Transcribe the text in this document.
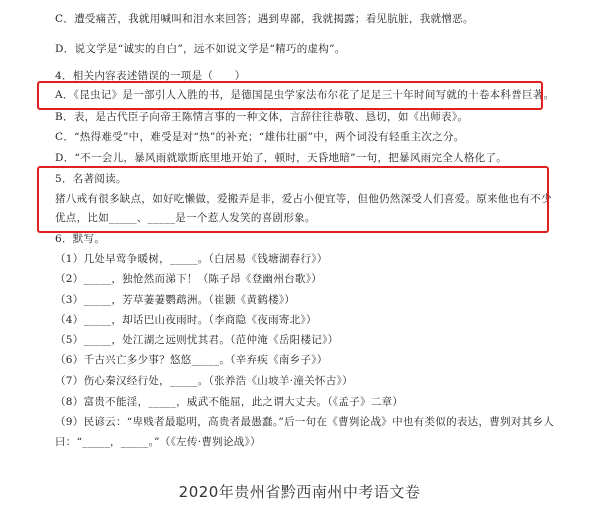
C．遭受痛苦，我就用喊叫和泪水来回答；遇到卑鄙，我就揭露；看见肮脏，我就憎恶。
D．说文学是“诚实的自白”，远不如说文学是“精巧的虚构”。
4．相关内容表述错误的一项是（　　）
A．《昆虫记》是一部引人入胜的书，是德国昆虫学家法布尔花了足足三十年时间写就的十卷本科普巨著。
B．表，是古代臣子向帝王陈情言事的一种文体，言辞往往恭敬、恳切，如《出师表》。
C．“热得难受”中，难受是对“热”的补充；“雄伟壮丽”中，两个词没有轻重主次之分。
D．“不一会儿，暴风雨就歇斯底里地开始了，顿时，天昏地暗”一句，把暴风雨完全人格化了。
5．名著阅读。
猪八戒有很多缺点，如好吃懒做，爱搬弄是非，爱占小便宜等，但他仍然深受人们喜爱。原来他也有不少
优点，比如_____、_____是一个惹人发笑的喜剧形象。
6．默写。
（1）几处早莺争暖树，_____。（白居易《钱塘湖春行》）
（2）_____，独怆然而涕下！（陈子昂《登幽州台歌》）
（3）_____，芳草萋萋鹦鹉洲。（崔颢《黄鹤楼》）
（4）_____，却话巴山夜雨时。（李商隐《夜雨寄北》）
（5）_____，处江湖之远则忧其君。（范仲淹《岳阳楼记》）
（6）千古兴亡多少事？悠悠_____。（辛弃疾《南乡子》）
（7）伤心秦汉经行处，_____。（张养浩《山坡羊·潼关怀古》）
（8）富贵不能淫，_____，威武不能屈，此之谓大丈夫。（《孟子》二章）
（9）民谚云：“卑贱者最聪明，高贵者最愚蠢。”后一句在《曹刿论战》中也有类似的表达，曹刿对其乡人
曰：“_____，_____。”（《左传·曹刿论战》）
2020年贵州省黔西南州中考语文卷
